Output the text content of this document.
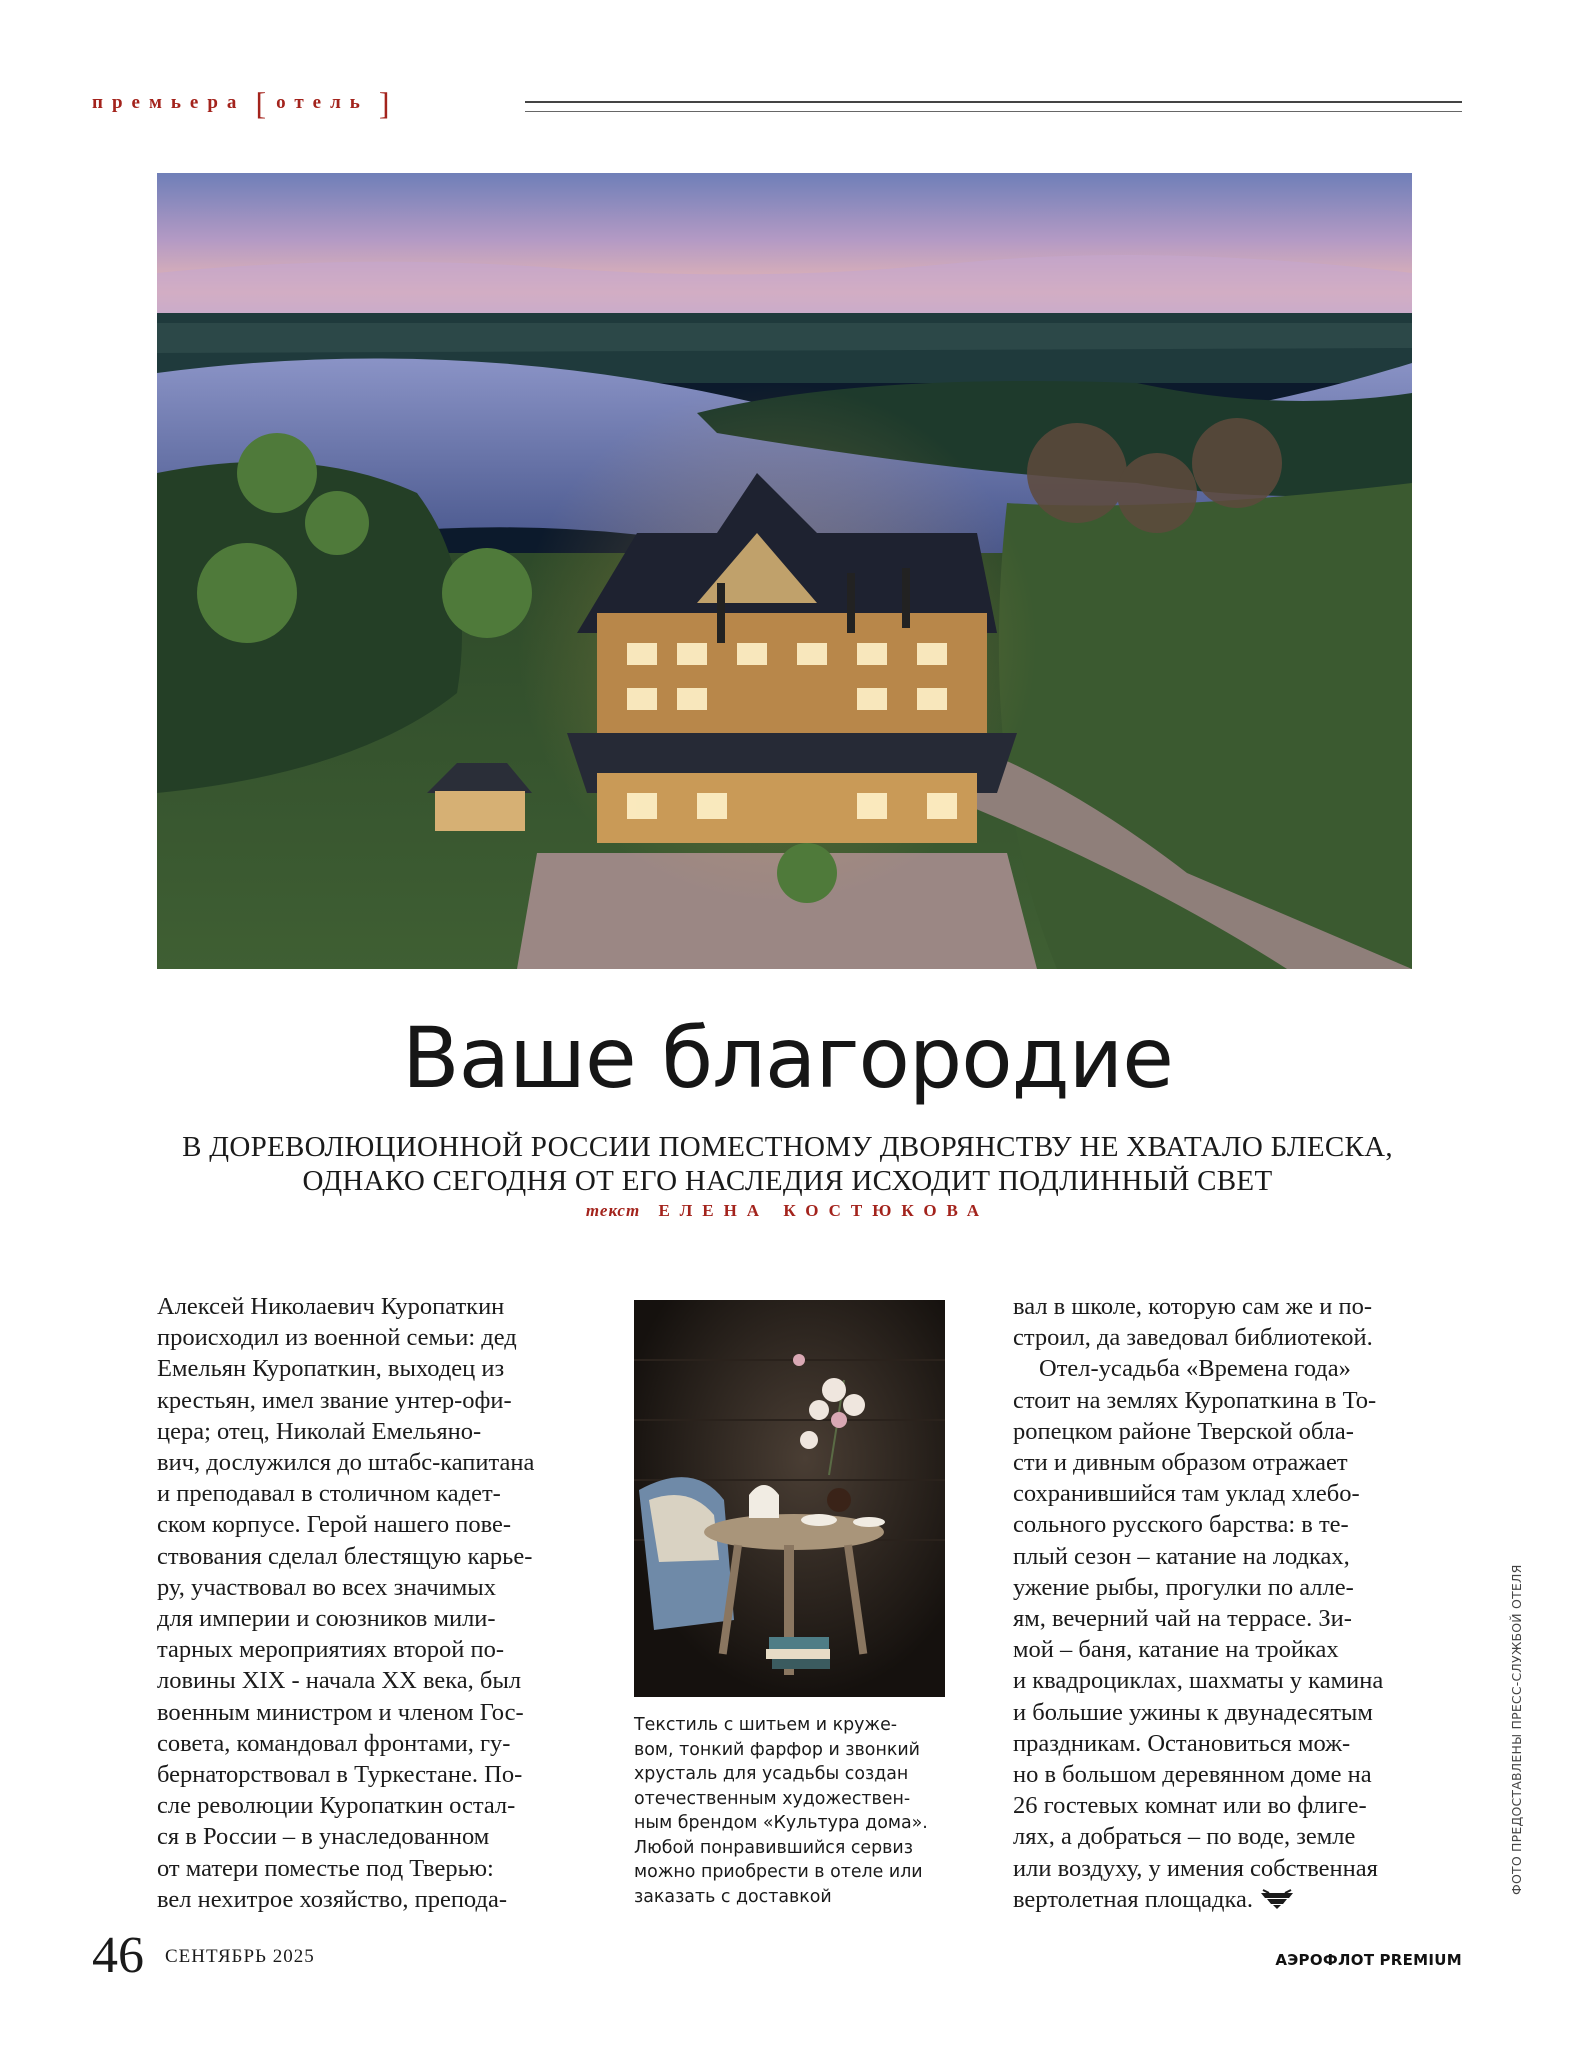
премьера [ отель ]
Ваше благородие
В ДОРЕВОЛЮЦИОННОЙ РОССИИ ПОМЕСТНОМУ ДВОРЯНСТВУ НЕ ХВАТАЛО БЛЕСКА,
ОДНАКО СЕГОДНЯ ОТ ЕГО НАСЛЕДИЯ ИСХОДИТ ПОДЛИННЫЙ СВЕТ
текст ЕЛЕНА КОСТЮКОВА
Алексей Николаевич Куропаткин
происходил из военной семьи: дед
Емельян Куропаткин, выходец из
крестьян, имел звание унтер-офи-
цера; отец, Николай Емельяно-
вич, дослужился до штабс-капитана
и преподавал в столичном кадет-
ском корпусе. Герой нашего пове-
ствования сделал блестящую карье-
ру, участвовал во всех значимых
для империи и союзников мили-
тарных мероприятиях второй по-
ловины XIX - начала XX века, был
военным министром и членом Гос-
совета, командовал фронтами, гу-
бернаторствовал в Туркестане. По-
сле революции Куропаткин остал-
ся в России – в унаследованном
от матери поместье под Тверью:
вел нехитрое хозяйство, препода-
Текстиль с шитьем и круже-
вом, тонкий фарфор и звонкий
хрусталь для усадьбы создан
отечественным художествен-
ным брендом «Культура дома».
Любой понравившийся сервиз
можно приобрести в отеле или
заказать с доставкой
вал в школе, которую сам же и по-
строил, да заведовал библиотекой.
Отел-усадьба «Времена года»
стоит на землях Куропаткина в То-
ропецком районе Тверской обла-
сти и дивным образом отражает
сохранившийся там уклад хлебо-
сольного русского барства: в те-
плый сезон – катание на лодках,
ужение рыбы, прогулки по алле-
ям, вечерний чай на террасе. Зи-
мой – баня, катание на тройках
и квадроциклах, шахматы у камина
и большие ужины к двунадесятым
праздникам. Остановиться мож-
но в большом деревянном доме на
26 гостевых комнат или во флиге-
лях, а добраться – по воде, земле
или воздуху, у имения собственная
вертолетная площадка.
ФОТО ПРЕДОСТАВЛЕНЫ ПРЕСС-СЛУЖБОЙ ОТЕЛЯ
46 СЕНТЯБРЬ 2025	АЭРОФЛОТ PREMIUM
